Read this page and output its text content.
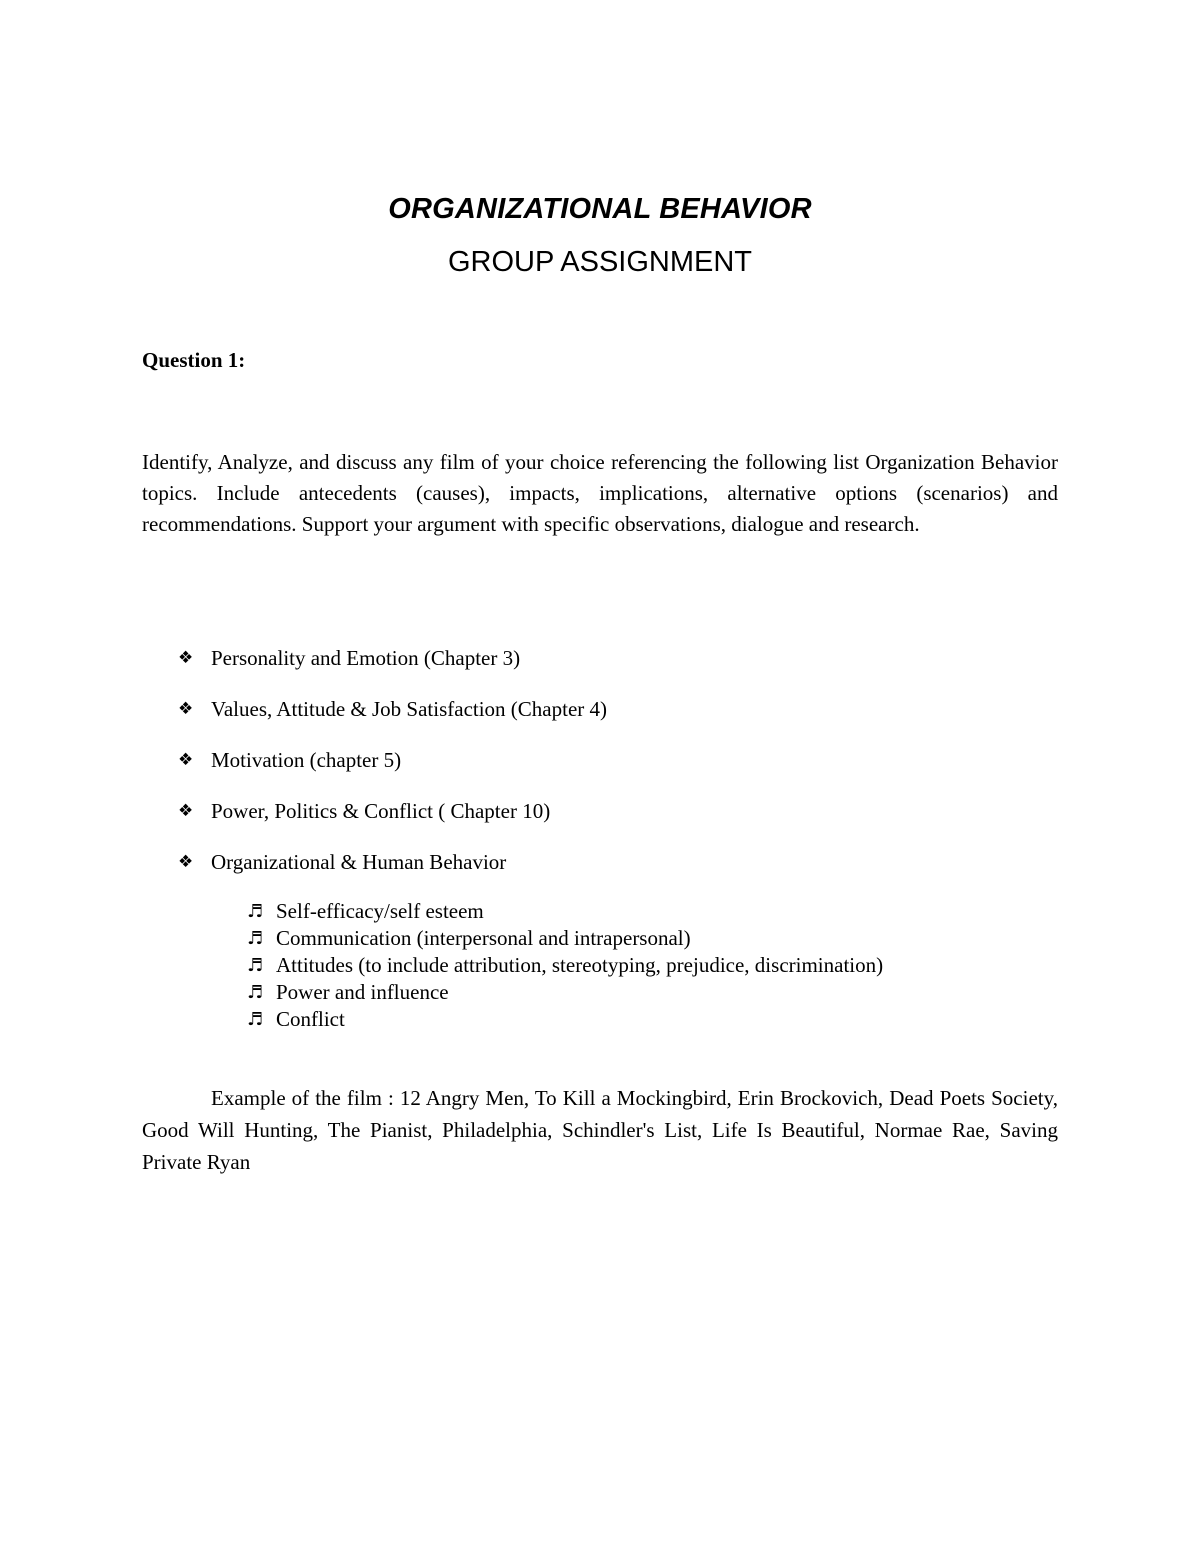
ORGANIZATIONAL BEHAVIOR
GROUP ASSIGNMENT
Question 1:

Identify, Analyze, and discuss any film of your choice referencing the following list Organization Behavior topics. Include antecedents (causes), impacts, implications, alternative options (scenarios) and recommendations. Support your argument with specific observations, dialogue and research.

❖ Personality and Emotion (Chapter 3)
❖ Values, Attitude & Job Satisfaction (Chapter 4)
❖ Motivation (chapter 5)
❖ Power, Politics & Conflict ( Chapter 10)
❖ Organizational & Human Behavior
♬ Self-efficacy/self esteem
♬ Communication (interpersonal and intrapersonal)
♬ Attitudes (to include attribution, stereotyping, prejudice, discrimination)
♬ Power and influence
♬ Conflict

Example of the film : 12 Angry Men, To Kill a Mockingbird, Erin Brockovich, Dead Poets Society, Good Will Hunting, The Pianist, Philadelphia, Schindler's List, Life Is Beautiful, Normae Rae, Saving Private Ryan
